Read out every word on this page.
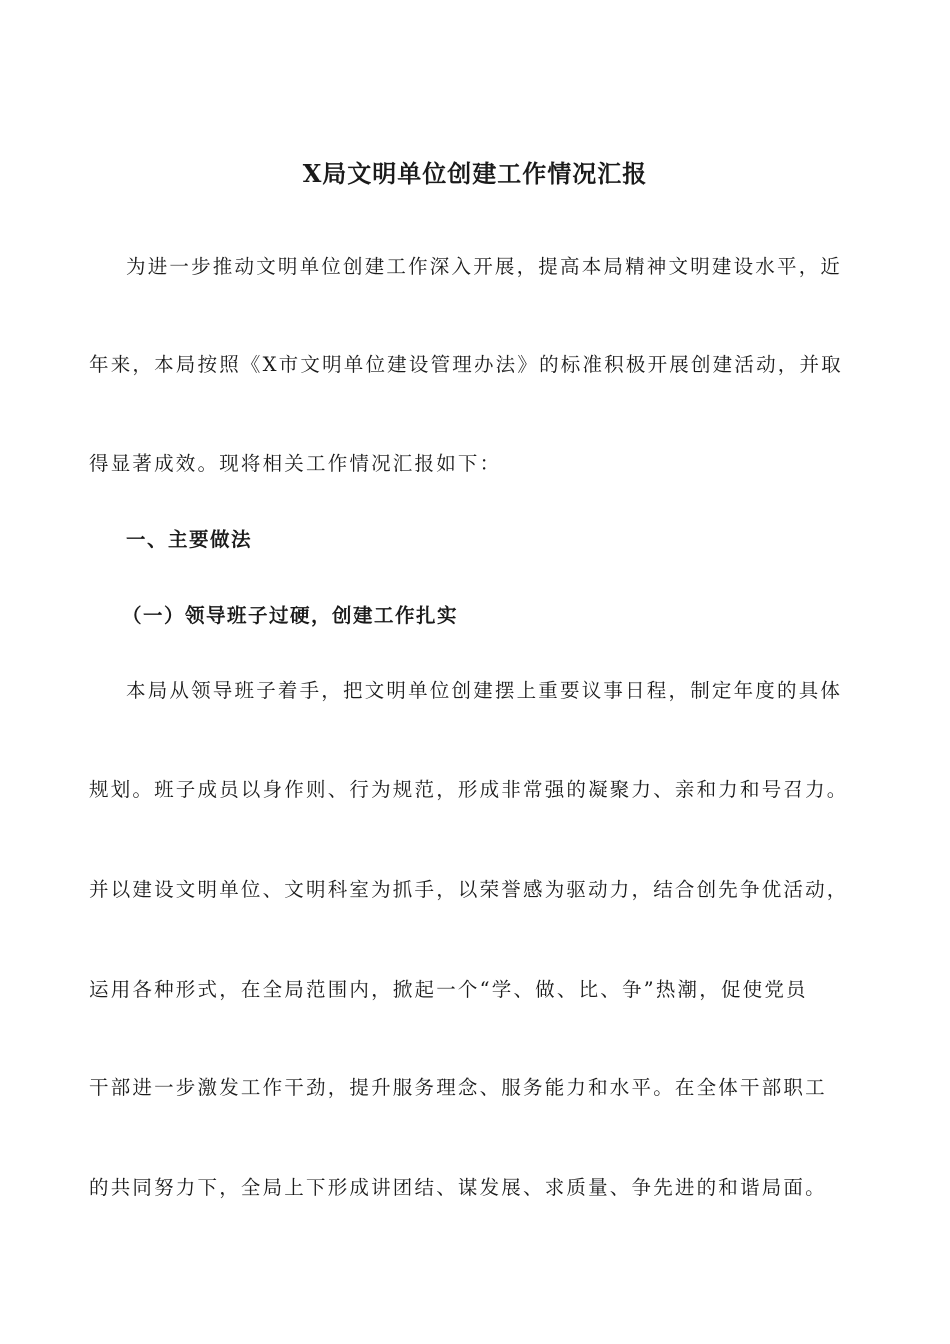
X局文明单位创建工作情况汇报
为进一步推动文明单位创建工作深入开展，提高本局精神文明建设水平，近
年来，本局按照《X市文明单位建设管理办法》的标准积极开展创建活动，并取
得显著成效。现将相关工作情况汇报如下：
一、主要做法
（一）领导班子过硬，创建工作扎实
本局从领导班子着手，把文明单位创建摆上重要议事日程，制定年度的具体
规划。班子成员以身作则、行为规范，形成非常强的凝聚力、亲和力和号召力。
并以建设文明单位、文明科室为抓手，以荣誉感为驱动力，结合创先争优活动，
运用各种形式，在全局范围内，掀起一个“学、做、比、争”热潮，促使党员
干部进一步激发工作干劲，提升服务理念、服务能力和水平。在全体干部职工
的共同努力下，全局上下形成讲团结、谋发展、求质量、争先进的和谐局面。
